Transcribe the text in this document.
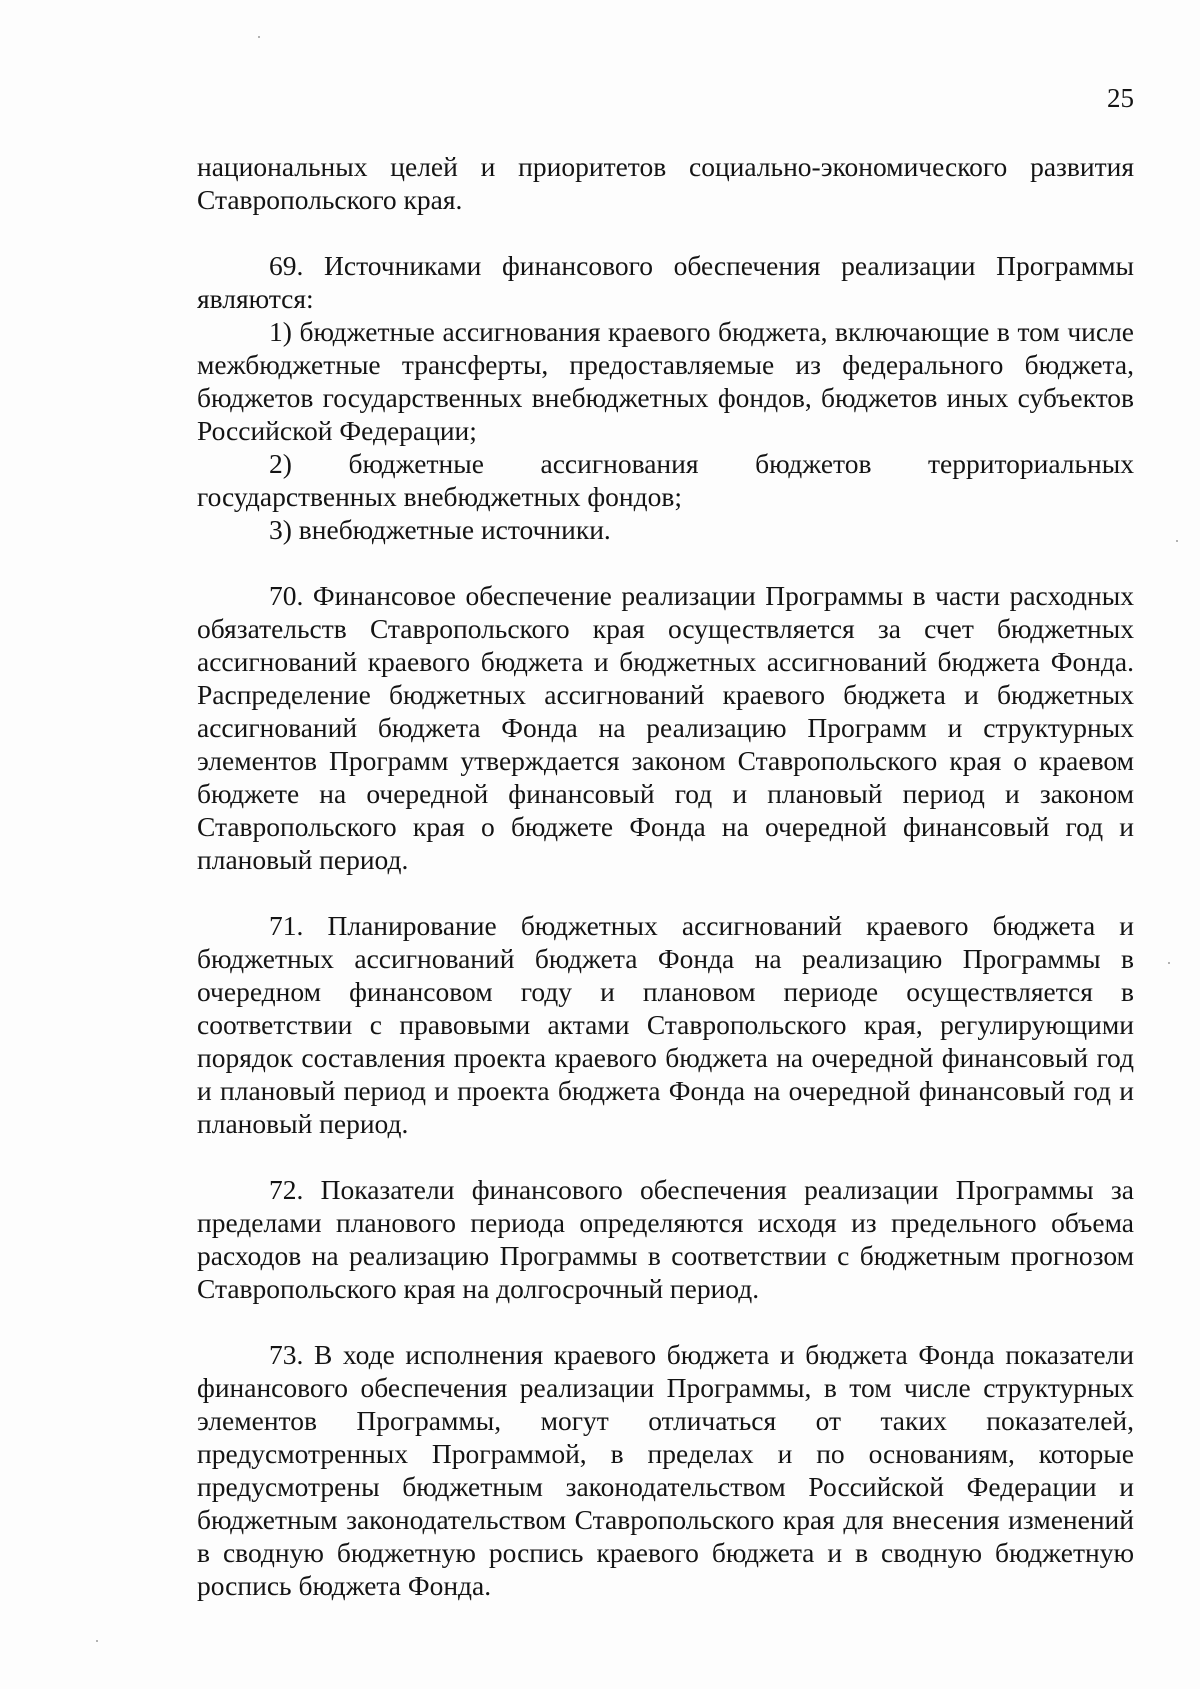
25

национальных целей и приоритетов социально-экономического развития Ставропольского края.

69. Источниками финансового обеспечения реализации Программы являются:

1) бюджетные ассигнования краевого бюджета, включающие в том числе межбюджетные трансферты, предоставляемые из федерального бюджета, бюджетов государственных внебюджетных фондов, бюджетов иных субъектов Российской Федерации;

2) бюджетные ассигнования бюджетов территориальных государственных внебюджетных фондов;

3) внебюджетные источники.

70. Финансовое обеспечение реализации Программы в части расходных обязательств Ставропольского края осуществляется за счет бюджетных ассигнований краевого бюджета и бюджетных ассигнований бюджета Фонда. Распределение бюджетных ассигнований краевого бюджета и бюджетных ассигнований бюджета Фонда на реализацию Программ и структурных элементов Программ утверждается законом Ставропольского края о краевом бюджете на очередной финансовый год и плановый период и законом Ставропольского края о бюджете Фонда на очередной финансовый год и плановый период.

71. Планирование бюджетных ассигнований краевого бюджета и бюджетных ассигнований бюджета Фонда на реализацию Программы в очередном финансовом году и плановом периоде осуществляется в соответствии с правовыми актами Ставропольского края, регулирующими порядок составления проекта краевого бюджета на очередной финансовый год и плановый период и проекта бюджета Фонда на очередной финансовый год и плановый период.

72. Показатели финансового обеспечения реализации Программы за пределами планового периода определяются исходя из предельного объема расходов на реализацию Программы в соответствии с бюджетным прогнозом Ставропольского края на долгосрочный период.

73. В ходе исполнения краевого бюджета и бюджета Фонда показатели финансового обеспечения реализации Программы, в том числе структурных элементов Программы, могут отличаться от таких показателей, предусмотренных Программой, в пределах и по основаниям, которые предусмотрены бюджетным законодательством Российской Федерации и бюджетным законодательством Ставропольского края для внесения изменений в сводную бюджетную роспись краевого бюджета и в сводную бюджетную роспись бюджета Фонда.
